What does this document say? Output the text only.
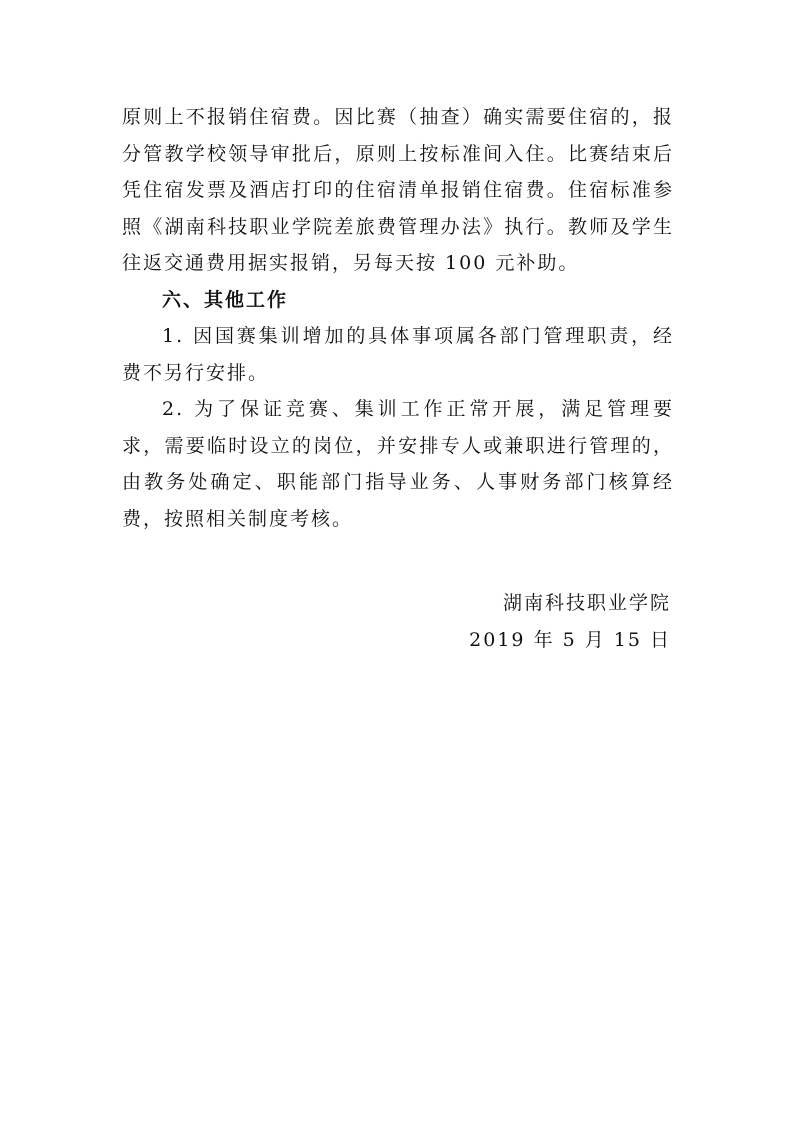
原则上不报销住宿费。因比赛（抽查）确实需要住宿的，报分管教学校领导审批后，原则上按标准间入住。比赛结束后凭住宿发票及酒店打印的住宿清单报销住宿费。住宿标准参照《湖南科技职业学院差旅费管理办法》执行。教师及学生往返交通费用据实报销，另每天按 100 元补助。

六、其他工作

1. 因国赛集训增加的具体事项属各部门管理职责，经费不另行安排。

2. 为了保证竞赛、集训工作正常开展，满足管理要求，需要临时设立的岗位，并安排专人或兼职进行管理的，由教务处确定、职能部门指导业务、人事财务部门核算经费，按照相关制度考核。

湖南科技职业学院
2019 年 5 月 15 日
